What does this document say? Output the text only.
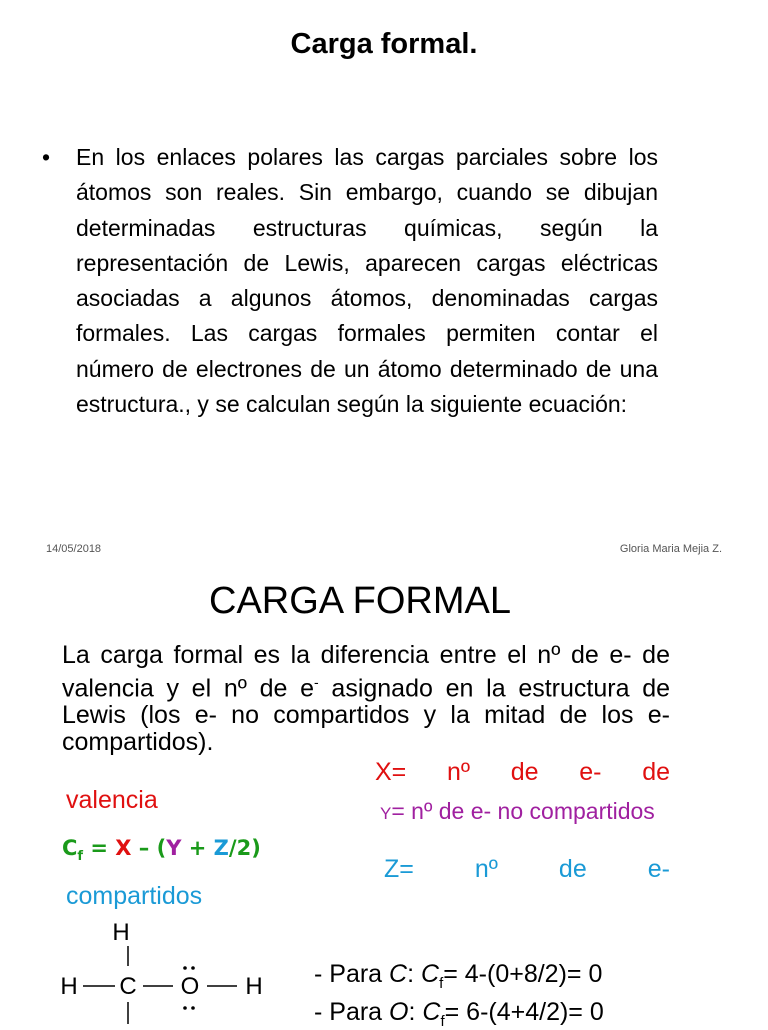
Carga formal.
• En los enlaces polares las cargas parciales sobre los átomos son reales. Sin embargo, cuando se dibujan determinadas estructuras químicas, según la representación de Lewis, aparecen cargas eléctricas asociadas a algunos átomos, denominadas cargas formales. Las cargas formales permiten contar el número de electrones de un átomo determinado de una estructura., y se calculan según la siguiente ecuación:
14/05/2018	Gloria Maria Mejia Z.
CARGA FORMAL
La carga formal es la diferencia entre el nº de e- de valencia y el nº de e- asignado en la estructura de Lewis (los e- no compartidos y la mitad de los e- compartidos).
X= nº de e- de
valencia	Y= nº de e- no compartidos
$C_f = X - (Y + Z/2)$
Z= nº de e-
compartidos
H
H C O H - Para C: $C_f= 4-(0+8/2)= 0$
- Para O: $C_f= 6-(4+4/2)= 0$
